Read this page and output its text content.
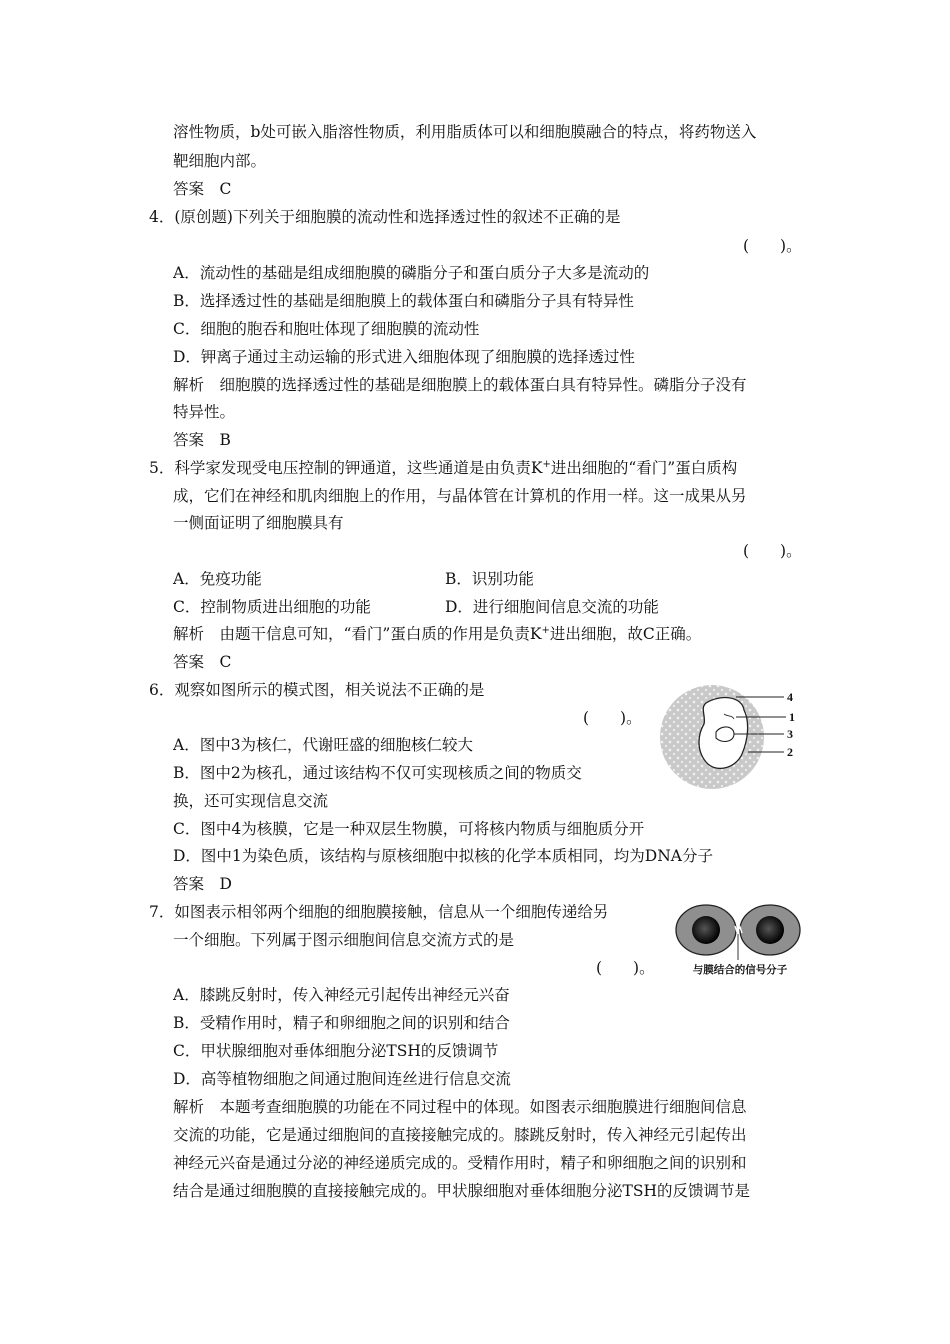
溶性物质，b处可嵌入脂溶性物质，利用脂质体可以和细胞膜融合的特点，将药物送入
靶细胞内部。
答案　C
4．(原创题)下列关于细胞膜的流动性和选择透过性的叙述不正确的是
(　　)。
A．流动性的基础是组成细胞膜的磷脂分子和蛋白质分子大多是流动的
B．选择透过性的基础是细胞膜上的载体蛋白和磷脂分子具有特异性
C．细胞的胞吞和胞吐体现了细胞膜的流动性
D．钾离子通过主动运输的形式进入细胞体现了细胞膜的选择透过性
解析　细胞膜的选择透过性的基础是细胞膜上的载体蛋白具有特异性。磷脂分子没有
特异性。
答案　B
5．科学家发现受电压控制的钾通道，这些通道是由负责K+进出细胞的“看门”蛋白质构
成，它们在神经和肌肉细胞上的作用，与晶体管在计算机的作用一样。这一成果从另
一侧面证明了细胞膜具有
(　　)。
A．免疫功能	B．识别功能
C．控制物质进出细胞的功能	D．进行细胞间信息交流的功能
解析　由题干信息可知，“看门”蛋白质的作用是负责K+进出细胞，故C正确。
答案　C
6．观察如图所示的模式图，相关说法不正确的是
(　　)。
A．图中3为核仁，代谢旺盛的细胞核仁较大
B．图中2为核孔，通过该结构不仅可实现核质之间的物质交
换，还可实现信息交流
C．图中4为核膜，它是一种双层生物膜，可将核内物质与细胞质分开
D．图中1为染色质，该结构与原核细胞中拟核的化学本质相同，均为DNA分子
答案　D
4
1
3
2
7．如图表示相邻两个细胞的细胞膜接触，信息从一个细胞传递给另
一个细胞。下列属于图示细胞间信息交流方式的是
(　　)。
A．膝跳反射时，传入神经元引起传出神经元兴奋
B．受精作用时，精子和卵细胞之间的识别和结合
C．甲状腺细胞对垂体细胞分泌TSH的反馈调节
D．高等植物细胞之间通过胞间连丝进行信息交流
解析　本题考查细胞膜的功能在不同过程中的体现。如图表示细胞膜进行细胞间信息
交流的功能，它是通过细胞间的直接接触完成的。膝跳反射时，传入神经元引起传出
神经元兴奋是通过分泌的神经递质完成的。受精作用时，精子和卵细胞之间的识别和
结合是通过细胞膜的直接接触完成的。甲状腺细胞对垂体细胞分泌TSH的反馈调节是
与膜结合的信号分子
